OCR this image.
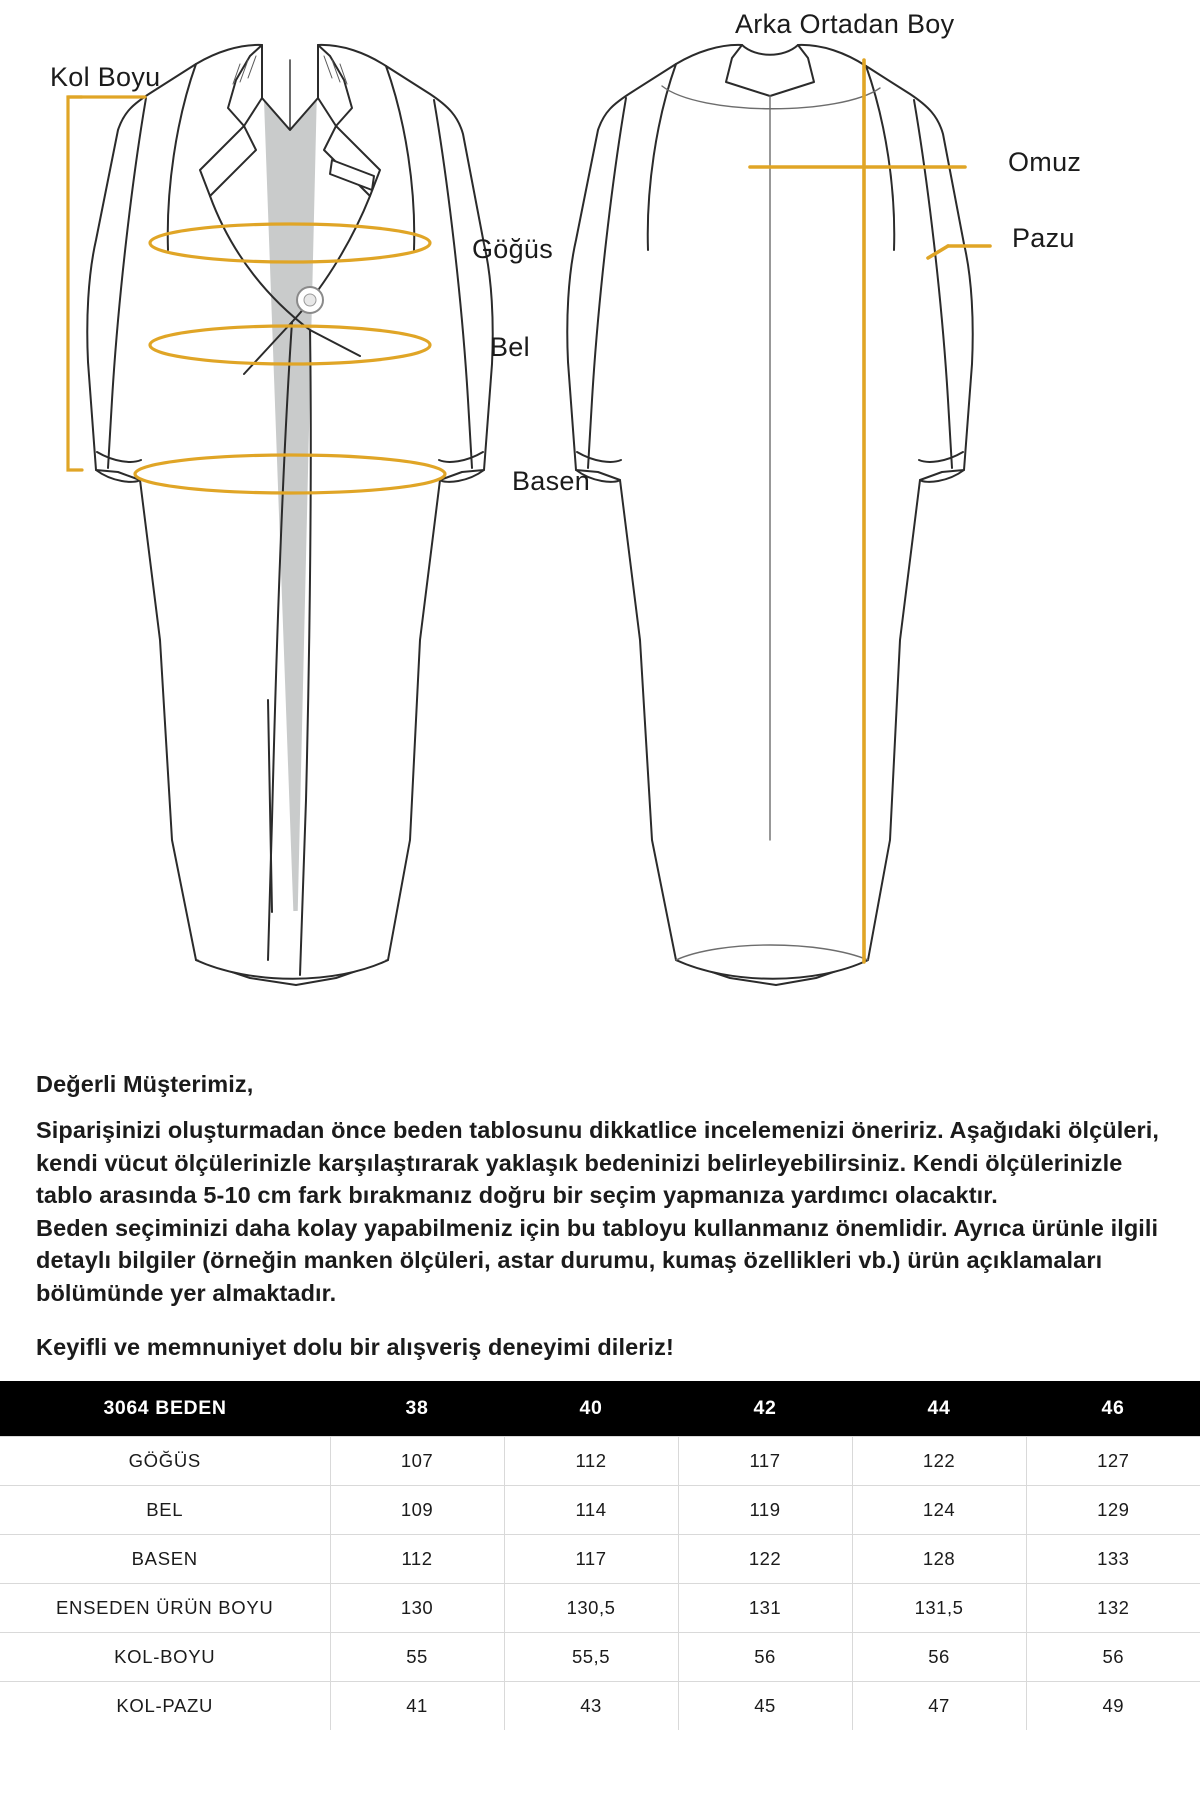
Kol Boyu
Arka Ortadan Boy
Omuz
Pazu
Göğüs
Bel
Basen

Değerli Müşterimiz,

Siparişinizi oluşturmadan önce beden tablosunu dikkatlice incelemenizi öneririz. Aşağıdaki ölçüleri, kendi vücut ölçülerinizle karşılaştırarak yaklaşık bedeninizi belirleyebilirsiniz. Kendi ölçülerinizle tablo arasında 5-10 cm fark bırakmanız doğru bir seçim yapmanıza yardımcı olacaktır.

Beden seçiminizi daha kolay yapabilmeniz için bu tabloyu kullanmanız önemlidir. Ayrıca ürünle ilgili detaylı bilgiler (örneğin manken ölçüleri, astar durumu, kumaş özellikleri vb.) ürün açıklamaları bölümünde yer almaktadır.

Keyifli ve memnuniyet dolu bir alışveriş deneyimi dileriz!

3064 BEDEN	38	40	42	44	46
GÖĞÜS	107	112	117	122	127
BEL	109	114	119	124	129
BASEN	112	117	122	128	133
ENSEDEN ÜRÜN BOYU	130	130,5	131	131,5	132
KOL-BOYU	55	55,5	56	56	56
KOL-PAZU	41	43	45	47	49
